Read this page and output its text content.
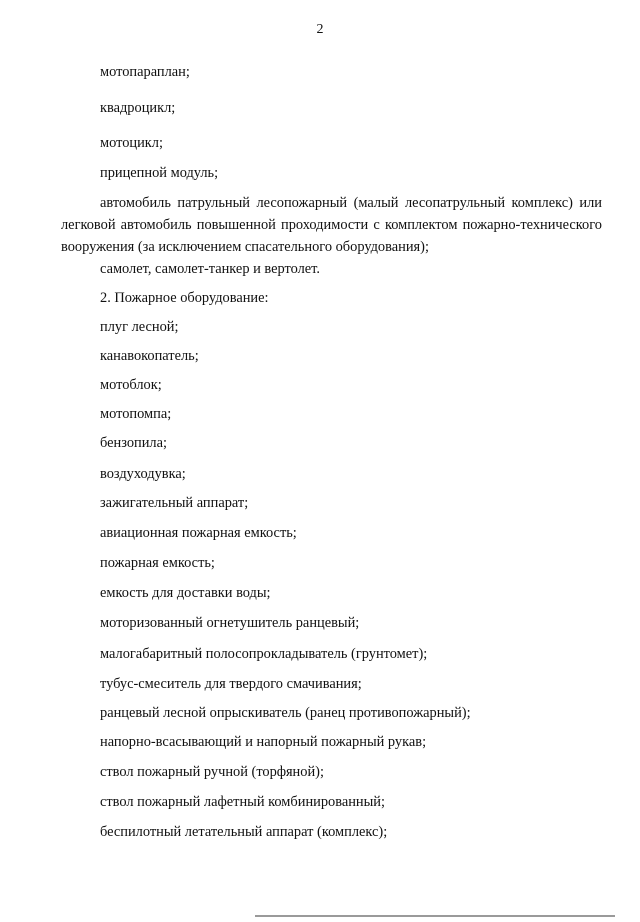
2
мотопараплан;
квадроцикл;
мотоцикл;
прицепной модуль;
автомобиль патрульный лесопожарный (малый лесопатрульный комплекс) или легковой автомобиль повышенной проходимости с комплектом пожарно-технического вооружения (за исключением спасательного оборудования);
самолет, самолет-танкер и вертолет.
2. Пожарное оборудование:
плуг лесной;
канавокопатель;
мотоблок;
мотопомпа;
бензопила;
воздуходувка;
зажигательный аппарат;
авиационная пожарная емкость;
пожарная емкость;
емкость для доставки воды;
моторизованный огнетушитель ранцевый;
малогабаритный полосопрокладыватель (грунтомет);
тубус-смеситель для твердого смачивания;
ранцевый лесной опрыскиватель (ранец противопожарный);
напорно-всасывающий и напорный пожарный рукав;
ствол пожарный ручной (торфяной);
ствол пожарный лафетный комбинированный;
беспилотный летательный аппарат (комплекс);
